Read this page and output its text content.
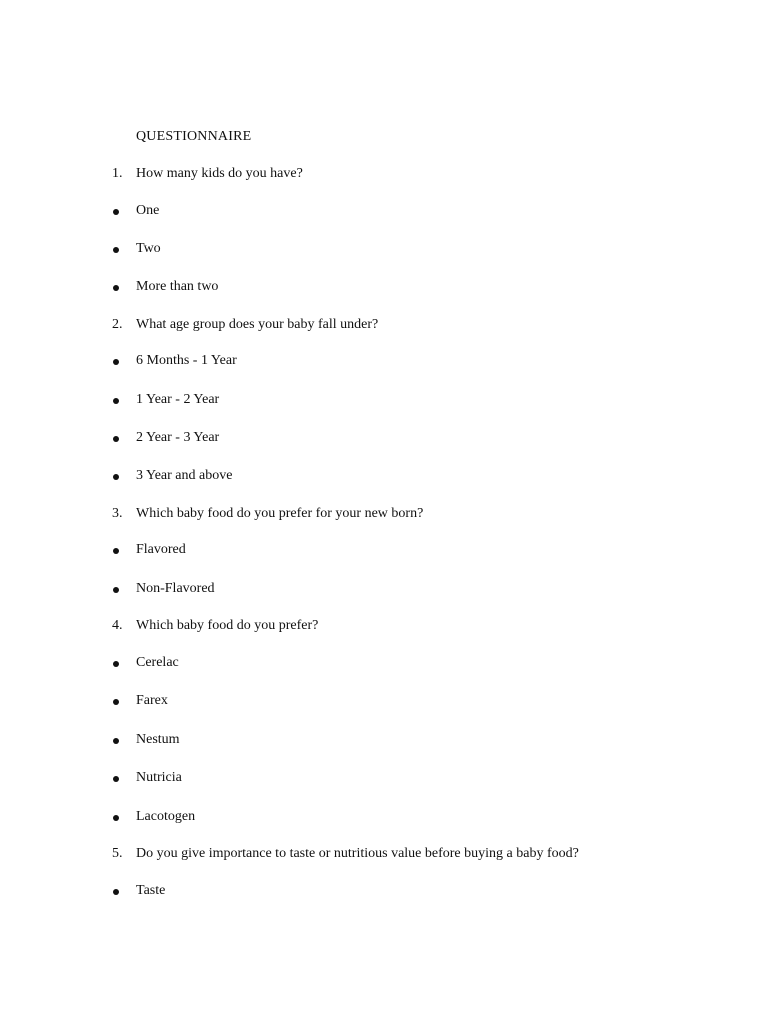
QUESTIONNAIRE
1. How many kids do you have?
One
Two
More than two
2. What age group does your baby fall under?
6 Months - 1 Year
1 Year - 2 Year
2 Year - 3 Year
3 Year and above
3. Which baby food do you prefer for your new born?
Flavored
Non-Flavored
4. Which baby food do you prefer?
Cerelac
Farex
Nestum
Nutricia
Lacotogen
5. Do you give importance to taste or nutritious value before buying a baby food?
Taste
